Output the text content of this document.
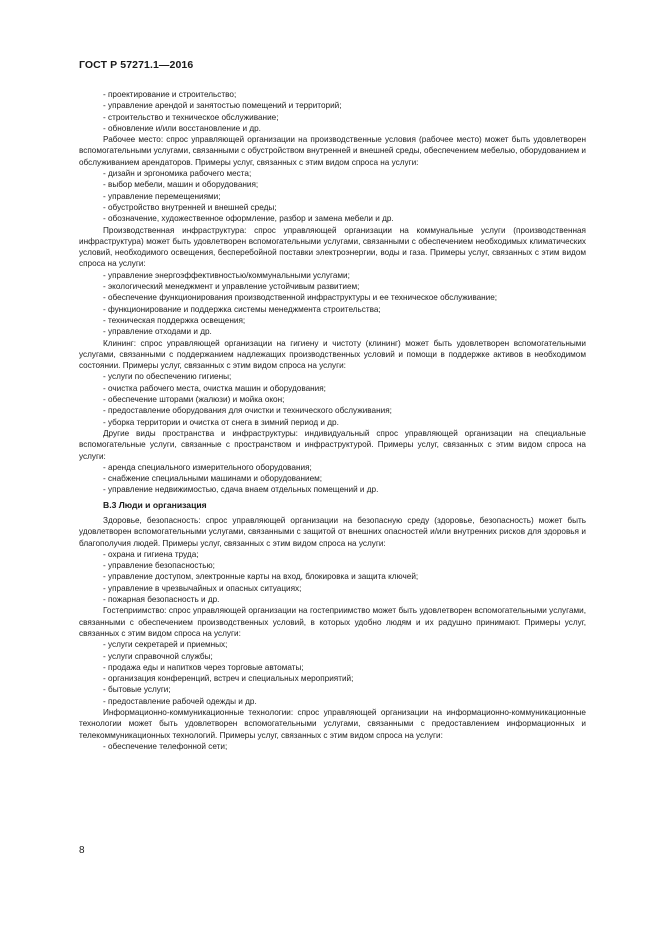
ГОСТ Р 57271.1—2016
- проектирование и строительство;
- управление арендой и занятостью помещений и территорий;
- строительство и техническое обслуживание;
- обновление и/или восстановление и др.
Рабочее место: спрос управляющей организации на производственные условия (рабочее место) может быть удовлетворен вспомогательными услугами, связанными с обустройством внутренней и внешней среды, обеспечением мебелью, оборудованием и обслуживанием арендаторов. Примеры услуг, связанных с этим видом спроса на услуги:
- дизайн и эргономика рабочего места;
- выбор мебели, машин и оборудования;
- управление перемещениями;
- обустройство внутренней и внешней среды;
- обозначение, художественное оформление, разбор и замена мебели и др.
Производственная инфраструктура: спрос управляющей организации на коммунальные услуги (производственная инфраструктура) может быть удовлетворен вспомогательными услугами, связанными с обеспечением необходимых климатических условий, необходимого освещения, бесперебойной поставки электроэнергии, воды и газа. Примеры услуг, связанных с этим видом спроса на услуги:
- управление энергоэффективностью/коммунальными услугами;
- экологический менеджмент и управление устойчивым развитием;
- обеспечение функционирования производственной инфраструктуры и ее техническое обслуживание;
- функционирование и поддержка системы менеджмента строительства;
- техническая поддержка освещения;
- управление отходами и др.
Клининг: спрос управляющей организации на гигиену и чистоту (клининг) может быть удовлетворен вспомогательными услугами, связанными с поддержанием надлежащих производственных условий и помощи в поддержке активов в необходимом состоянии. Примеры услуг, связанных с этим видом спроса на услуги:
- услуги по обеспечению гигиены;
- очистка рабочего места, очистка машин и оборудования;
- обеспечение шторами (жалюзи) и мойка окон;
- предоставление оборудования для очистки и технического обслуживания;
- уборка территории и очистка от снега в зимний период и др.
Другие виды пространства и инфраструктуры: индивидуальный спрос управляющей организации на специальные вспомогательные услуги, связанные с пространством и инфраструктурой. Примеры услуг, связанных с этим видом спроса на услуги:
- аренда специального измерительного оборудования;
- снабжение специальными машинами и оборудованием;
- управление недвижимостью, сдача внаем отдельных помещений и др.
В.3 Люди и организация
Здоровье, безопасность: спрос управляющей организации на безопасную среду (здоровье, безопасность) может быть удовлетворен вспомогательными услугами, связанными с защитой от внешних опасностей и/или внутренних рисков для здоровья и благополучия людей. Примеры услуг, связанных с этим видом спроса на услуги:
- охрана и гигиена труда;
- управление безопасностью;
- управление доступом, электронные карты на вход, блокировка и защита ключей;
- управление в чрезвычайных и опасных ситуациях;
- пожарная безопасность и др.
Гостеприимство: спрос управляющей организации на гостеприимство может быть удовлетворен вспомогательными услугами, связанными с обеспечением производственных условий, в которых удобно людям и их радушно принимают. Примеры услуг, связанных с этим видом спроса на услуги:
- услуги секретарей и приемных;
- услуги справочной службы;
- продажа еды и напитков через торговые автоматы;
- организация конференций, встреч и специальных мероприятий;
- бытовые услуги;
- предоставление рабочей одежды и др.
Информационно-коммуникационные технологии: спрос управляющей организации на информационно-коммуникационные технологии может быть удовлетворен вспомогательными услугами, связанными с предоставлением информационных и телекоммуникационных технологий. Примеры услуг, связанных с этим видом спроса на услуги:
- обеспечение телефонной сети;
8
